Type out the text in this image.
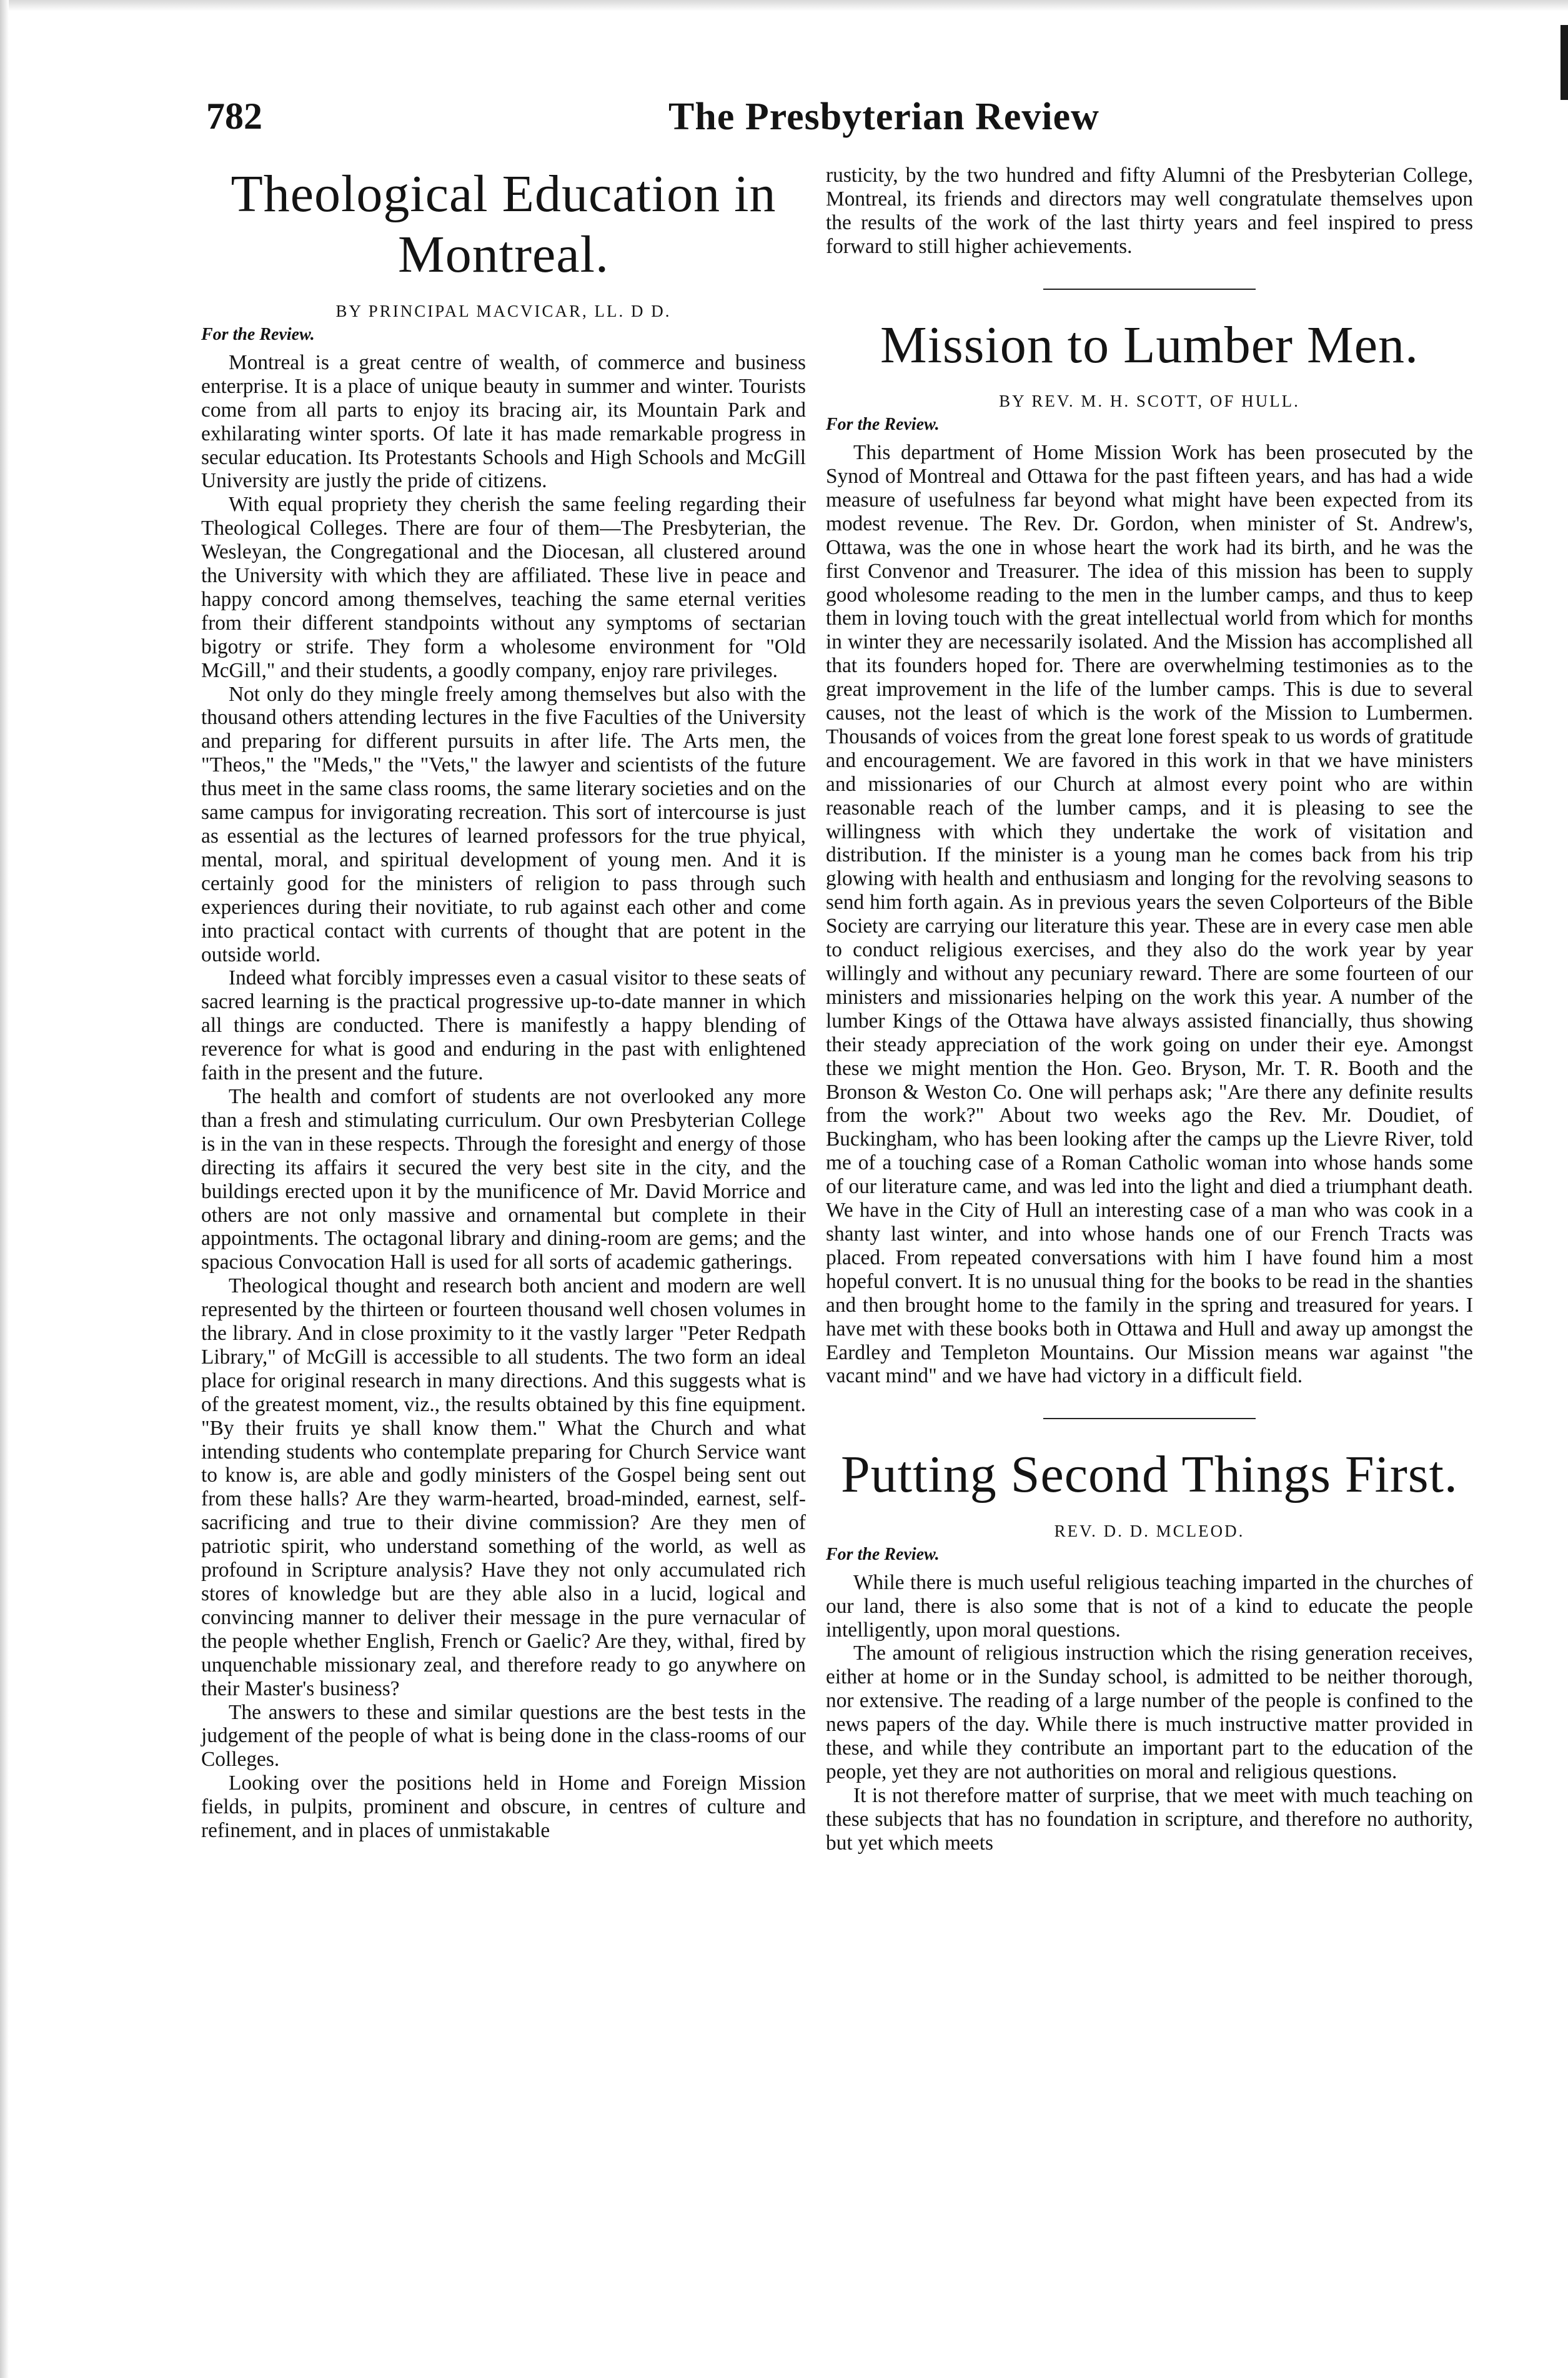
782	The Presbyterian Review
Theological Education in
Montreal.

BY PRINCIPAL MACVICAR, LL. D D.

For the Review.

Montreal is a great centre of wealth, of commerce and business enterprise. It is a place of unique beauty in summer and winter. Tourists come from all parts to enjoy its bracing air, its Mountain Park and exhilarating winter sports. Of late it has made remarkable progress in secular education. Its Protestants Schools and High Schools and McGill University are justly the pride of citizens.

With equal propriety they cherish the same feeling regarding their Theological Colleges. There are four of them—The Presbyterian, the Wesleyan, the Congregational and the Diocesan, all clustered around the University with which they are affiliated. These live in peace and happy concord among themselves, teaching the same eternal verities from their different standpoints without any symptoms of sectarian bigotry or strife. They form a wholesome environment for "Old McGill," and their students, a goodly company, enjoy rare privileges.

Not only do they mingle freely among themselves but also with the thousand others attending lectures in the five Faculties of the University and preparing for different pursuits in after life. The Arts men, the "Theos," the "Meds," the "Vets," the lawyer and scientists of the future thus meet in the same class rooms, the same literary societies and on the same campus for invigorating recreation. This sort of intercourse is just as essential as the lectures of learned professors for the true phyical, mental, moral, and spiritual development of young men. And it is certainly good for the ministers of religion to pass through such experiences during their novitiate, to rub against each other and come into practical contact with currents of thought that are potent in the outside world.

Indeed what forcibly impresses even a casual visitor to these seats of sacred learning is the practical progressive up-to-date manner in which all things are conducted. There is manifestly a happy blending of reverence for what is good and enduring in the past with enlightened faith in the present and the future.

The health and comfort of students are not overlooked any more than a fresh and stimulating curriculum. Our own Presbyterian College is in the van in these respects. Through the foresight and energy of those directing its affairs it secured the very best site in the city, and the buildings erected upon it by the munificence of Mr. David Morrice and others are not only massive and ornamental but complete in their appointments. The octagonal library and dining-room are gems; and the spacious Convocation Hall is used for all sorts of academic gatherings.

Theological thought and research both ancient and modern are well represented by the thirteen or fourteen thousand well chosen volumes in the library. And in close proximity to it the vastly larger "Peter Redpath Library," of McGill is accessible to all students. The two form an ideal place for original research in many directions. And this suggests what is of the greatest moment, viz., the results obtained by this fine equipment. "By their fruits ye shall know them." What the Church and what intending students who contemplate preparing for Church Service want to know is, are able and godly ministers of the Gospel being sent out from these halls? Are they warm-hearted, broad-minded, earnest, self-sacrificing and true to their divine commission? Are they men of patriotic spirit, who understand something of the world, as well as profound in Scripture analysis? Have they not only accumulated rich stores of knowledge but are they able also in a lucid, logical and convincing manner to deliver their message in the pure vernacular of the people whether English, French or Gaelic? Are they, withal, fired by unquenchable missionary zeal, and therefore ready to go anywhere on their Master's business?

The answers to these and similar questions are the best tests in the judgement of the people of what is being done in the class-rooms of our Colleges.

Looking over the positions held in Home and Foreign Mission fields, in pulpits, prominent and obscure, in centres of culture and refinement, and in places of unmistakable

rusticity, by the two hundred and fifty Alumni of the Presbyterian College, Montreal, its friends and directors may well congratulate themselves upon the results of the work of the last thirty years and feel inspired to press forward to still higher achievements.

Mission to Lumber Men.

BY REV. M. H. SCOTT, OF HULL.

For the Review.

This department of Home Mission Work has been prosecuted by the Synod of Montreal and Ottawa for the past fifteen years, and has had a wide measure of usefulness far beyond what might have been expected from its modest revenue. The Rev. Dr. Gordon, when minister of St. Andrew's, Ottawa, was the one in whose heart the work had its birth, and he was the first Convenor and Treasurer. The idea of this mission has been to supply good wholesome reading to the men in the lumber camps, and thus to keep them in loving touch with the great intellectual world from which for months in winter they are necessarily isolated. And the Mission has accomplished all that its founders hoped for. There are overwhelming testimonies as to the great improvement in the life of the lumber camps. This is due to several causes, not the least of which is the work of the Mission to Lumbermen. Thousands of voices from the great lone forest speak to us words of gratitude and encouragement. We are favored in this work in that we have ministers and missionaries of our Church at almost every point who are within reasonable reach of the lumber camps, and it is pleasing to see the willingness with which they undertake the work of visitation and distribution. If the minister is a young man he comes back from his trip glowing with health and enthusiasm and longing for the revolving seasons to send him forth again. As in previous years the seven Colporteurs of the Bible Society are carrying our literature this year. These are in every case men able to conduct religious exercises, and they also do the work year by year willingly and without any pecuniary reward. There are some fourteen of our ministers and missionaries helping on the work this year. A number of the lumber Kings of the Ottawa have always assisted financially, thus showing their steady appreciation of the work going on under their eye. Amongst these we might mention the Hon. Geo. Bryson, Mr. T. R. Booth and the Bronson & Weston Co. One will perhaps ask; "Are there any definite results from the work?" About two weeks ago the Rev. Mr. Doudiet, of Buckingham, who has been looking after the camps up the Lievre River, told me of a touching case of a Roman Catholic woman into whose hands some of our literature came, and was led into the light and died a triumphant death. We have in the City of Hull an interesting case of a man who was cook in a shanty last winter, and into whose hands one of our French Tracts was placed. From repeated conversations with him I have found him a most hopeful convert. It is no unusual thing for the books to be read in the shanties and then brought home to the family in the spring and treasured for years. I have met with these books both in Ottawa and Hull and away up amongst the Eardley and Templeton Mountains. Our Mission means war against "the vacant mind" and we have had victory in a difficult field.

Putting Second Things First.

REV. D. D. MCLEOD.

For the Review.

While there is much useful religious teaching imparted in the churches of our land, there is also some that is not of a kind to educate the people intelligently, upon moral questions.

The amount of religious instruction which the rising generation receives, either at home or in the Sunday school, is admitted to be neither thorough, nor extensive. The reading of a large number of the people is confined to the news papers of the day. While there is much instructive matter provided in these, and while they contribute an important part to the education of the people, yet they are not authorities on moral and religious questions.

It is not therefore matter of surprise, that we meet with much teaching on these subjects that has no foundation in scripture, and therefore no authority, but yet which meets
